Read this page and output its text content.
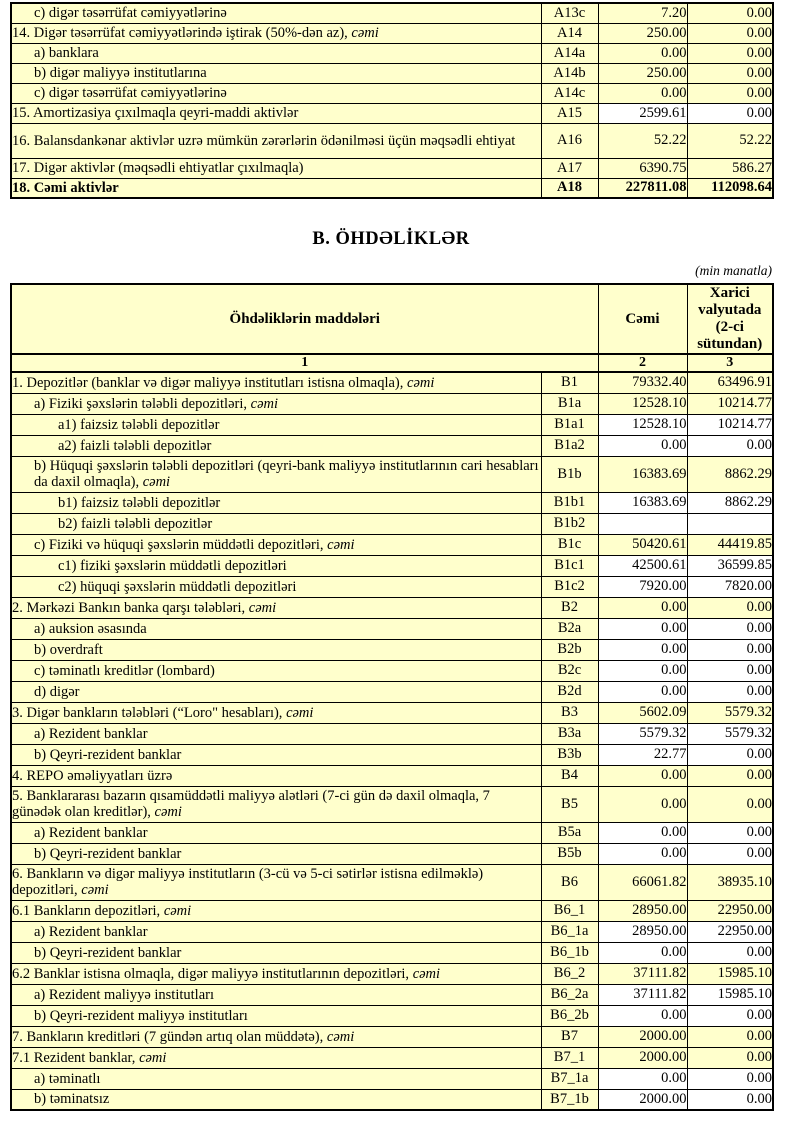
c) digər təsərrüfat cəmiyyətlərinə	A13c	7.20	0.00
14. Digər təsərrüfat cəmiyyətlərində iştirak (50%-dən az), cəmi	A14	250.00	0.00
a) banklara	A14a	0.00	0.00
b) digər maliyyə institutlarına	A14b	250.00	0.00
c) digər təsərrüfat cəmiyyətlərinə	A14c	0.00	0.00
15. Amortizasiya çıxılmaqla qeyri-maddi aktivlər	A15	2599.61	0.00
16. Balansdankənar aktivlər uzrə mümkün zərərlərin ödənilməsi üçün məqsədli ehtiyat	A16	52.22	52.22
17. Digər aktivlər (məqsədli ehtiyatlar çıxılmaqla)	A17	6390.75	586.27
18. Cəmi aktivlər	A18	227811.08	112098.64
B. ÖHDƏLİKLƏR
(min manatla)
Öhdəliklərin maddələri		Cəmi	Xarici valyutada (2-ci sütundan)
1		2	3
1. Depozitlər (banklar və digər maliyyə institutları istisna olmaqla), cəmi	B1	79332.40	63496.91
a) Fiziki şəxslərin tələbli depozitləri, cəmi	B1a	12528.10	10214.77
a1) faizsiz tələbli depozitlər	B1a1	12528.10	10214.77
a2) faizli tələbli depozitlər	B1a2	0.00	0.00
b) Hüquqi şəxslərin tələbli depozitləri (qeyri-bank maliyyə institutlarının cari hesabları da daxil olmaqla), cəmi	B1b	16383.69	8862.29
b1) faizsiz tələbli depozitlər	B1b1	16383.69	8862.29
b2) faizli tələbli depozitlər	B1b2		
c) Fiziki və hüquqi şəxslərin müddətli depozitləri, cəmi	B1c	50420.61	44419.85
c1) fiziki şəxslərin müddətli depozitləri	B1c1	42500.61	36599.85
c2) hüquqi şəxslərin müddətli depozitləri	B1c2	7920.00	7820.00
2. Mərkəzi Bankın banka qarşı tələbləri, cəmi	B2	0.00	0.00
a) auksion əsasında	B2a	0.00	0.00
b) overdraft	B2b	0.00	0.00
c) təminatlı kreditlər (lombard)	B2c	0.00	0.00
d) digər	B2d	0.00	0.00
3. Digər bankların tələbləri (“Loro" hesabları), cəmi	B3	5602.09	5579.32
a) Rezident banklar	B3a	5579.32	5579.32
b) Qeyri-rezident banklar	B3b	22.77	0.00
4. REPO əməliyyatları üzrə	B4	0.00	0.00
5. Banklararası bazarın qısamüddətli maliyyə alətləri (7-ci gün də daxil olmaqla, 7 günədək olan kreditlər), cəmi	B5	0.00	0.00
a) Rezident banklar	B5a	0.00	0.00
b) Qeyri-rezident banklar	B5b	0.00	0.00
6. Bankların və digər maliyyə institutların (3-cü və 5-ci sətirlər istisna edilməklə) depozitləri, cəmi	B6	66061.82	38935.10
6.1 Bankların depozitləri, cəmi	B6_1	28950.00	22950.00
a) Rezident banklar	B6_1a	28950.00	22950.00
b) Qeyri-rezident banklar	B6_1b	0.00	0.00
6.2 Banklar istisna olmaqla, digər maliyyə institutlarının depozitləri, cəmi	B6_2	37111.82	15985.10
a) Rezident maliyyə institutları	B6_2a	37111.82	15985.10
b) Qeyri-rezident maliyyə institutları	B6_2b	0.00	0.00
7. Bankların kreditləri (7 gündən artıq olan müddətə), cəmi	B7	2000.00	0.00
7.1 Rezident banklar, cəmi	B7_1	2000.00	0.00
a) təminatlı	B7_1a	0.00	0.00
b) təminatsız	B7_1b	2000.00	0.00
